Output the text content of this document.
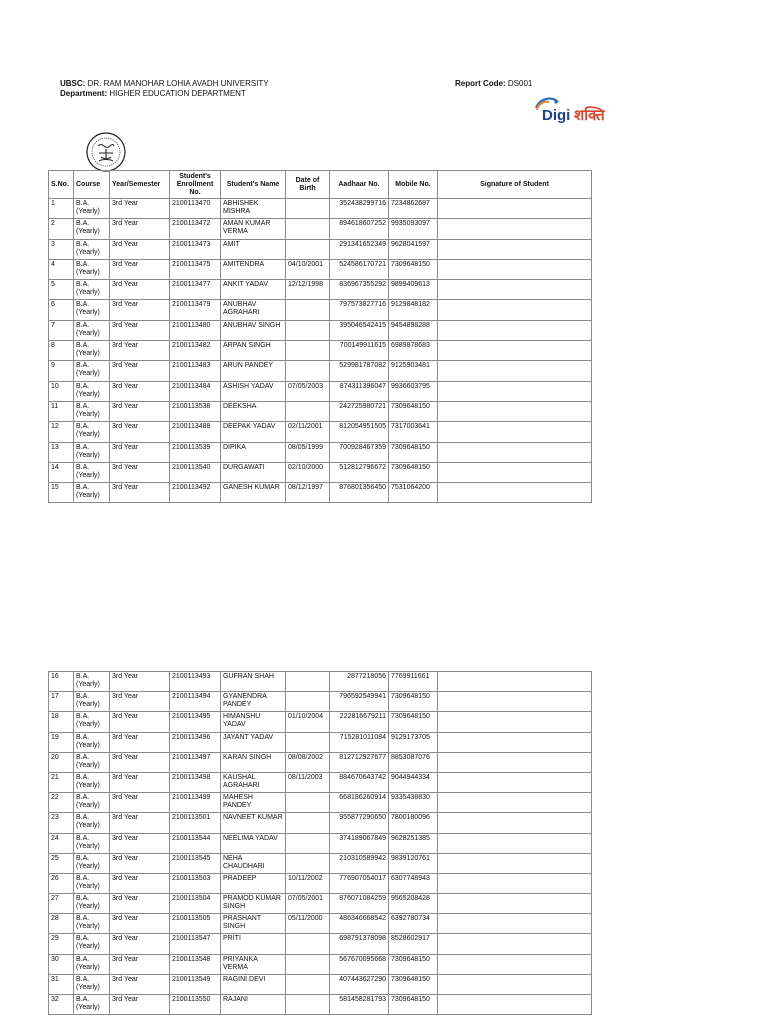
UBSC: DR. RAM MANOHAR LOHIA AVADH UNIVERSITY
Department: HIGHER EDUCATION DEPARTMENT
Report Code: DS001
Digi शक्ति
S.No.	Course	Year/Semester	Student's Enrollment No.	Student's Name	Date of Birth	Aadhaar No.	Mobile No.	Signature of Student
1	B.A. (Yearly)	3rd Year	2100113470	ABHISHEK MISHRA		352438299716	7234862687	
2	B.A. (Yearly)	3rd Year	2100113472	AMAN KUMAR VERMA		894618607252	9935093097	
3	B.A. (Yearly)	3rd Year	2100113473	AMIT		291341652349	9628041597	
4	B.A. (Yearly)	3rd Year	2100113475	AMITENDRA	04/10/2001	524586170721	7309648150	
5	B.A. (Yearly)	3rd Year	2100113477	ANKIT YADAV	12/12/1998	836967355292	9899409613	
6	B.A. (Yearly)	3rd Year	2100113479	ANUBHAV AGRAHARI		797573827716	9129848182	
7	B.A. (Yearly)	3rd Year	2100113480	ANUBHAV SINGH		395046542415	9454898288	
8	B.A. (Yearly)	3rd Year	2100113482	ARPAN SINGH		700149911615	6989878683	
9	B.A. (Yearly)	3rd Year	2100113483	ARUN PANDEY		529981787082	9125903481	
10	B.A. (Yearly)	3rd Year	2100113484	ASHISH YADAV	07/05/2003	874311396047	9936603795	
11	B.A. (Yearly)	3rd Year	2100113538	DEEKSHA		242725980721	7309648150	
12	B.A. (Yearly)	3rd Year	2100113488	DEEPAK YADAV	02/11/2001	812054951505	7317003641	
13	B.A. (Yearly)	3rd Year	2100113539	DIPIKA	08/05/1999	700928467359	7309648150	
14	B.A. (Yearly)	3rd Year	2100113540	DURGAWATI	02/10/2000	512812796672	7309648150	
15	B.A. (Yearly)	3rd Year	2100113492	GANESH KUMAR	08/12/1997	876801356450	7531064200	
16	B.A. (Yearly)	3rd Year	2100113493	GUFRAN SHAH		2877218056	7769911661	
17	B.A. (Yearly)	3rd Year	2100113494	GYANENDRA PANDEY		796592549941	7309648150	
18	B.A. (Yearly)	3rd Year	2100113495	HIMANSHU YADAV	01/10/2004	222816679211	7309648150	
19	B.A. (Yearly)	3rd Year	2100113496	JAYANT YADAV		715281011084	9129173705	
20	B.A. (Yearly)	3rd Year	2100113497	KARAN SINGH	08/08/2002	812712927677	8853087076	
21	B.A. (Yearly)	3rd Year	2100113498	KAUSHAL AGRAHARI	08/11/2003	884670643742	9044944334	
22	B.A. (Yearly)	3rd Year	2100113499	MAHESH PANDEY		668186260914	9335438830	
23	B.A. (Yearly)	3rd Year	2100113501	NAVNEET KUMAR		955877290650	7800180096	
24	B.A. (Yearly)	3rd Year	2100113544	NEELIMA YADAV		374189067849	9628251385	
25	B.A. (Yearly)	3rd Year	2100113545	NEHA CHAUDHARI		210310589942	9839120761	
26	B.A. (Yearly)	3rd Year	2100113503	PRADEEP	10/11/2002	776907054017	6307748943	
27	B.A. (Yearly)	3rd Year	2100113504	PRAMOD KUMAR SINGH	07/05/2001	876071084259	9565208428	
28	B.A. (Yearly)	3rd Year	2100113505	PRASHANT SINGH	05/11/2000	486346668542	6392780734	
29	B.A. (Yearly)	3rd Year	2100113547	PRITI		698791378098	8528602917	
30	B.A. (Yearly)	3rd Year	2100113548	PRIYANKA VERMA		567670095668	7309648150	
31	B.A. (Yearly)	3rd Year	2100113549	RAGINI DEVI		407443627290	7309648150	
32	B.A. (Yearly)	3rd Year	2100113550	RAJANI		581458281793	7309648150	
